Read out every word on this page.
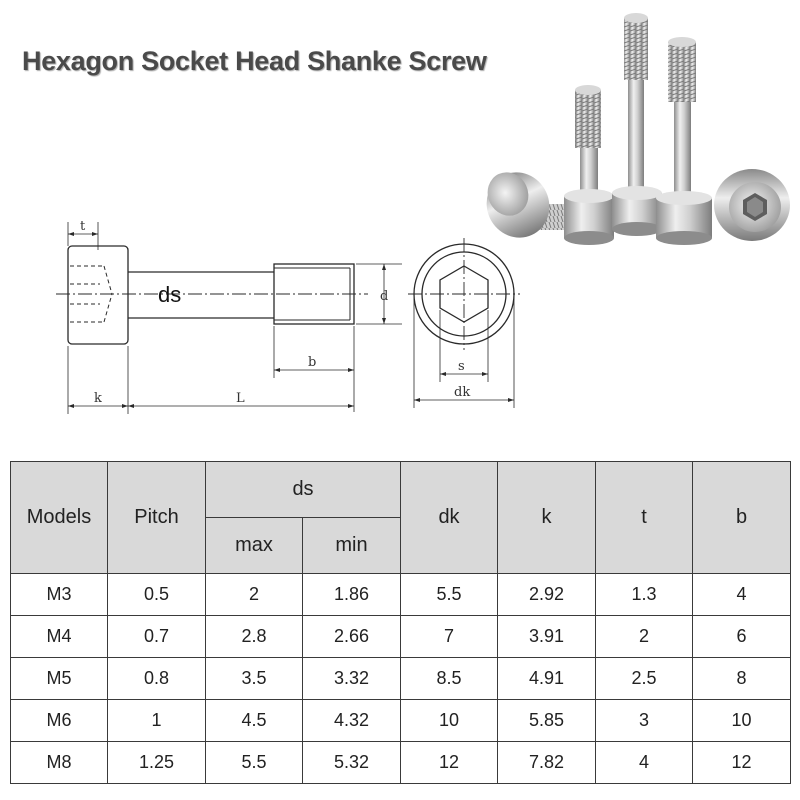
Hexagon Socket Head Shanke Screw
t
ds	d
b
k	L
s
dk
Models	Pitch	ds		dk	k	t	b
		max	min				
M3	0.5	2	1.86	5.5	2.92	1.3	4
M4	0.7	2.8	2.66	7	3.91	2	6
M5	0.8	3.5	3.32	8.5	4.91	2.5	8
M6	1	4.5	4.32	10	5.85	3	10
M8	1.25	5.5	5.32	12	7.82	4	12
